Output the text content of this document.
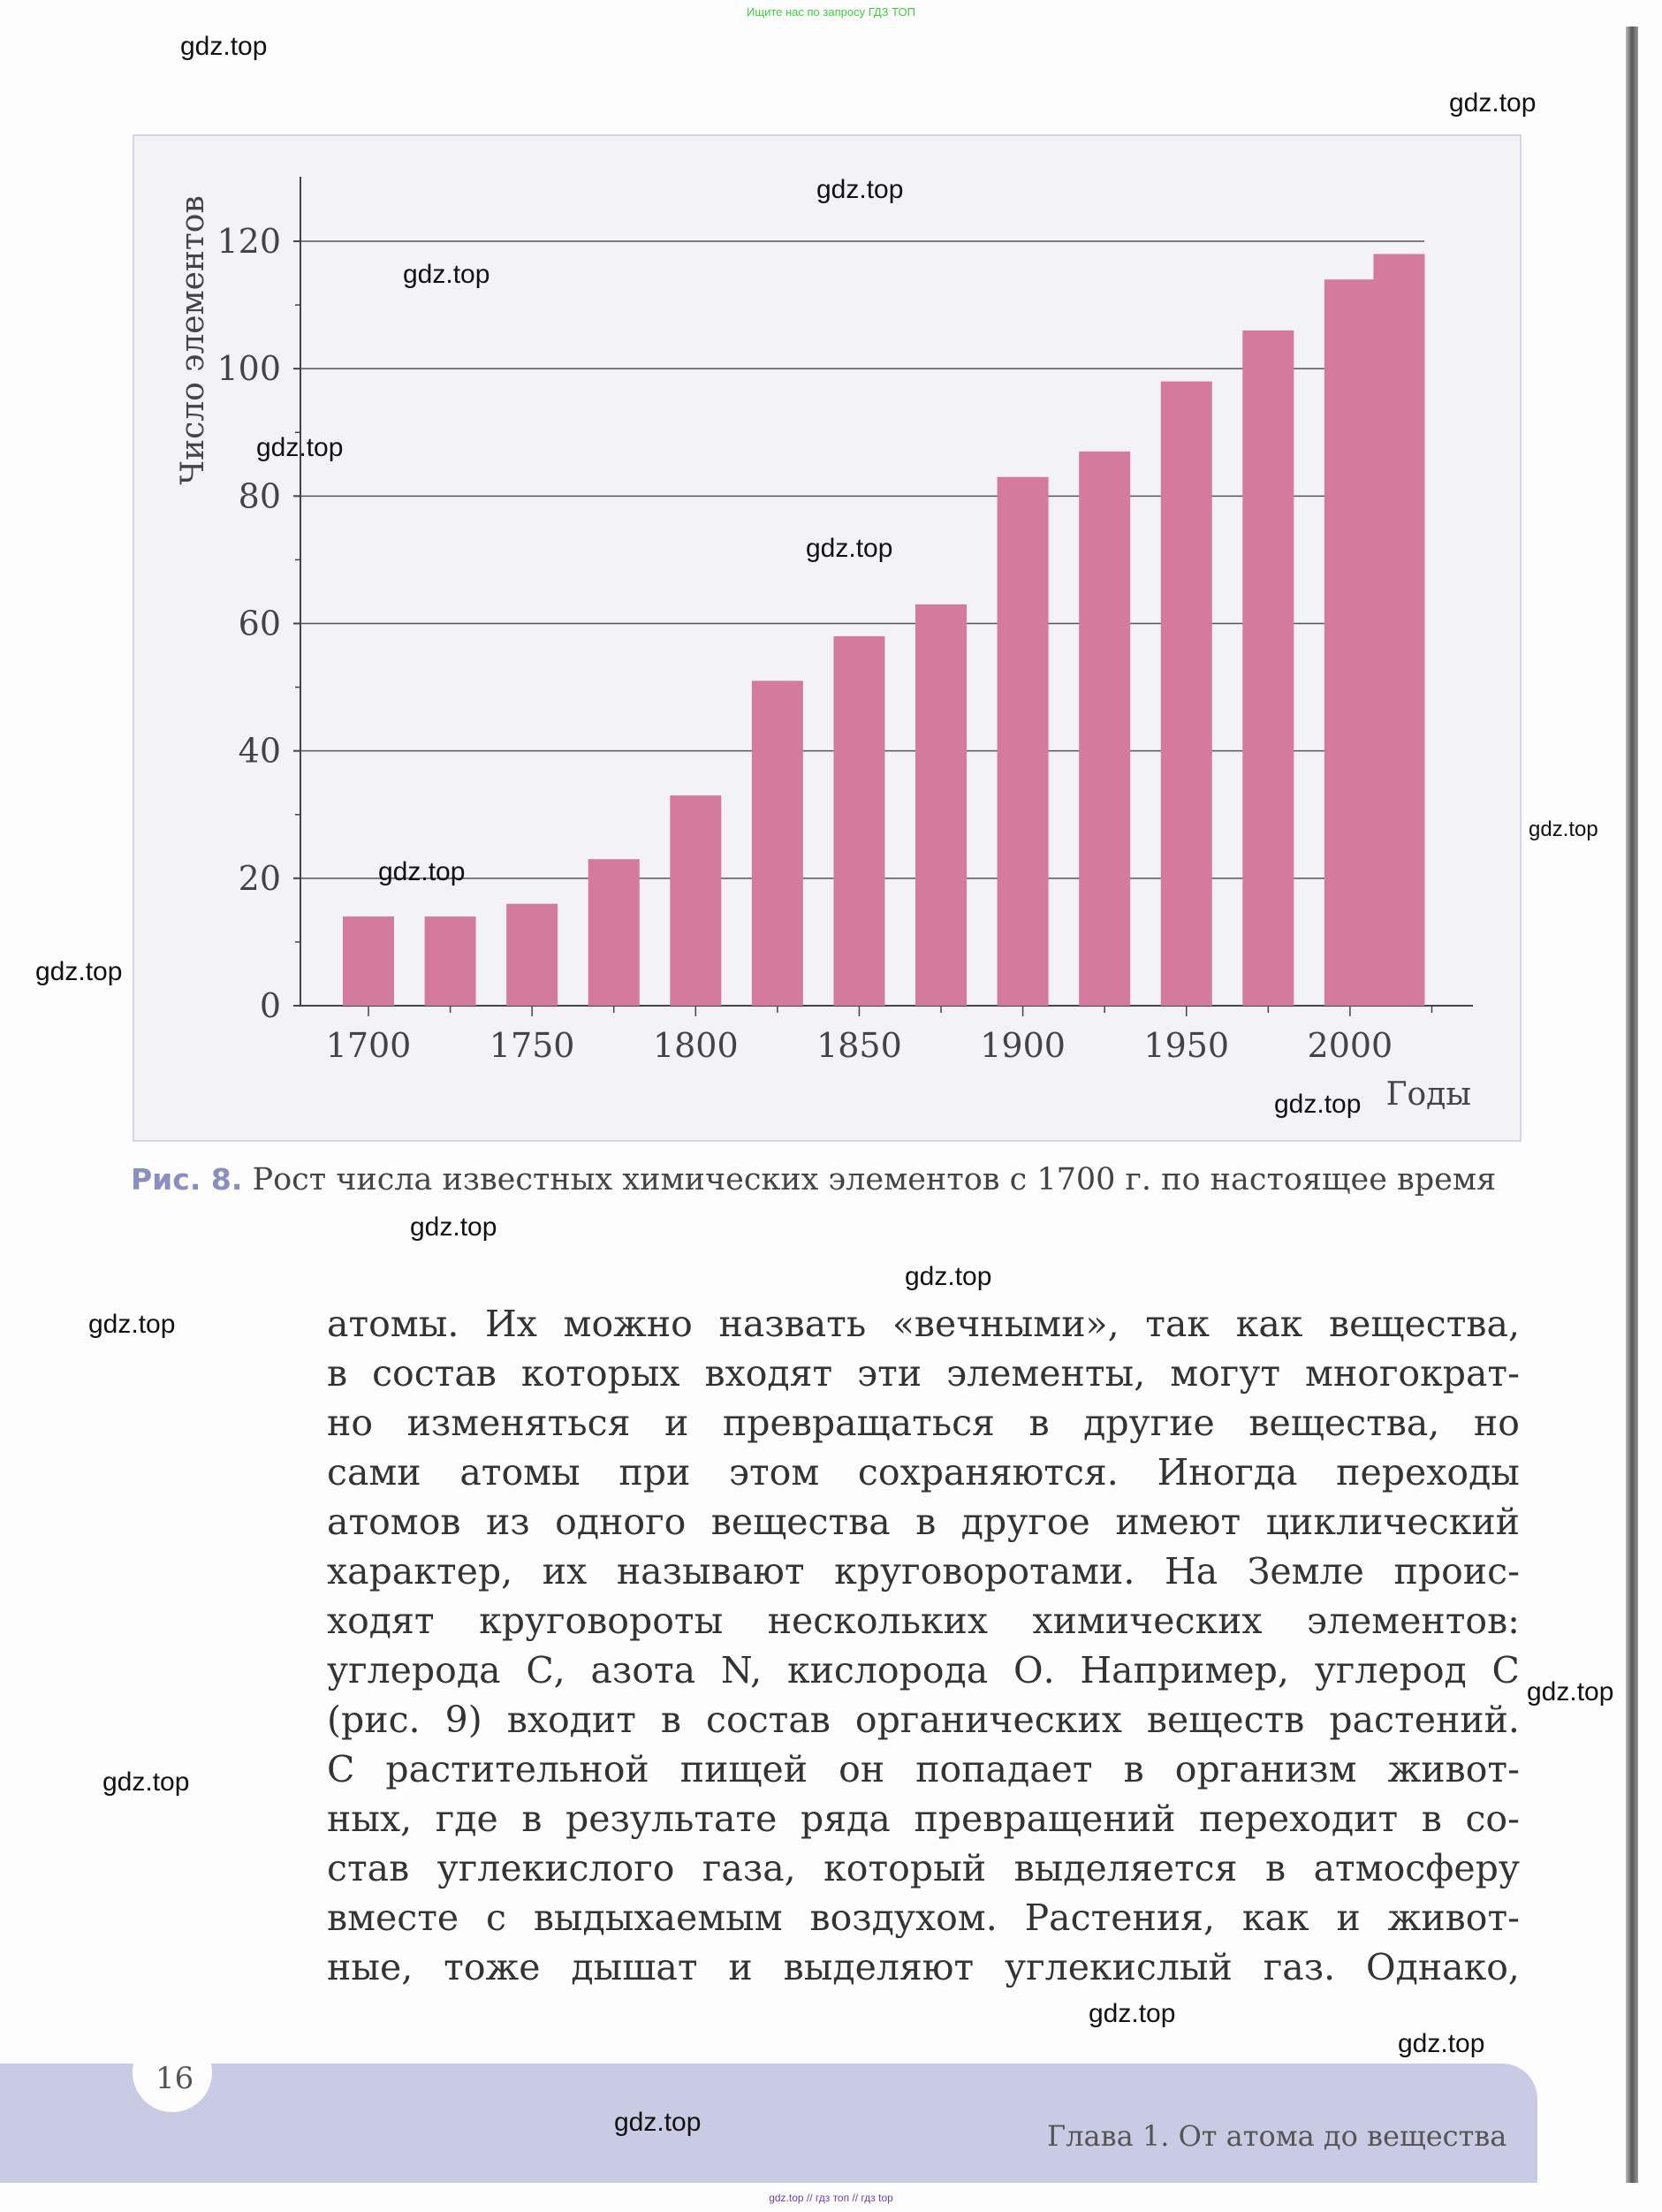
Ищите нас по запросу ГДЗ ТОП
0
20
40
60
80
100
120
1700 1750 1800 1850 1900 1950 2000
Годы
Число элементов
Рис. 8. Рост числа известных химических элементов с 1700 г. по настоящее время
атомы. Их можно назвать «вечными», так как вещества,
в состав которых входят эти элементы, могут многократ-
но изменяться и превращаться в другие вещества, но
сами атомы при этом сохраняются. Иногда переходы
атомов из одного вещества в другое имеют циклический
характер, их называют круговоротами. На Земле проис-
ходят круговороты нескольких химических элементов:
углерода С, азота N, кислорода О. Например, углерод С
(рис. 9) входит в состав органических веществ растений.
С растительной пищей он попадает в организм живот-
ных, где в результате ряда превращений переходит в со-
став углекислого газа, который выделяется в атмосферу
вместе с выдыхаемым воздухом. Растения, как и живот-
ные, тоже дышат и выделяют углекислый газ. Однако,
16
Глава 1. От атома до вещества
gdz.top
gdz.top
gdz.top
gdz.top
gdz.top
gdz.top
gdz.top
gdz.top
gdz.top
gdz.top
gdz.top
gdz.top
gdz.top
gdz.top
gdz.top
gdz.top
gdz.top
gdz.top
gdz.top // гдз топ // гдз top
